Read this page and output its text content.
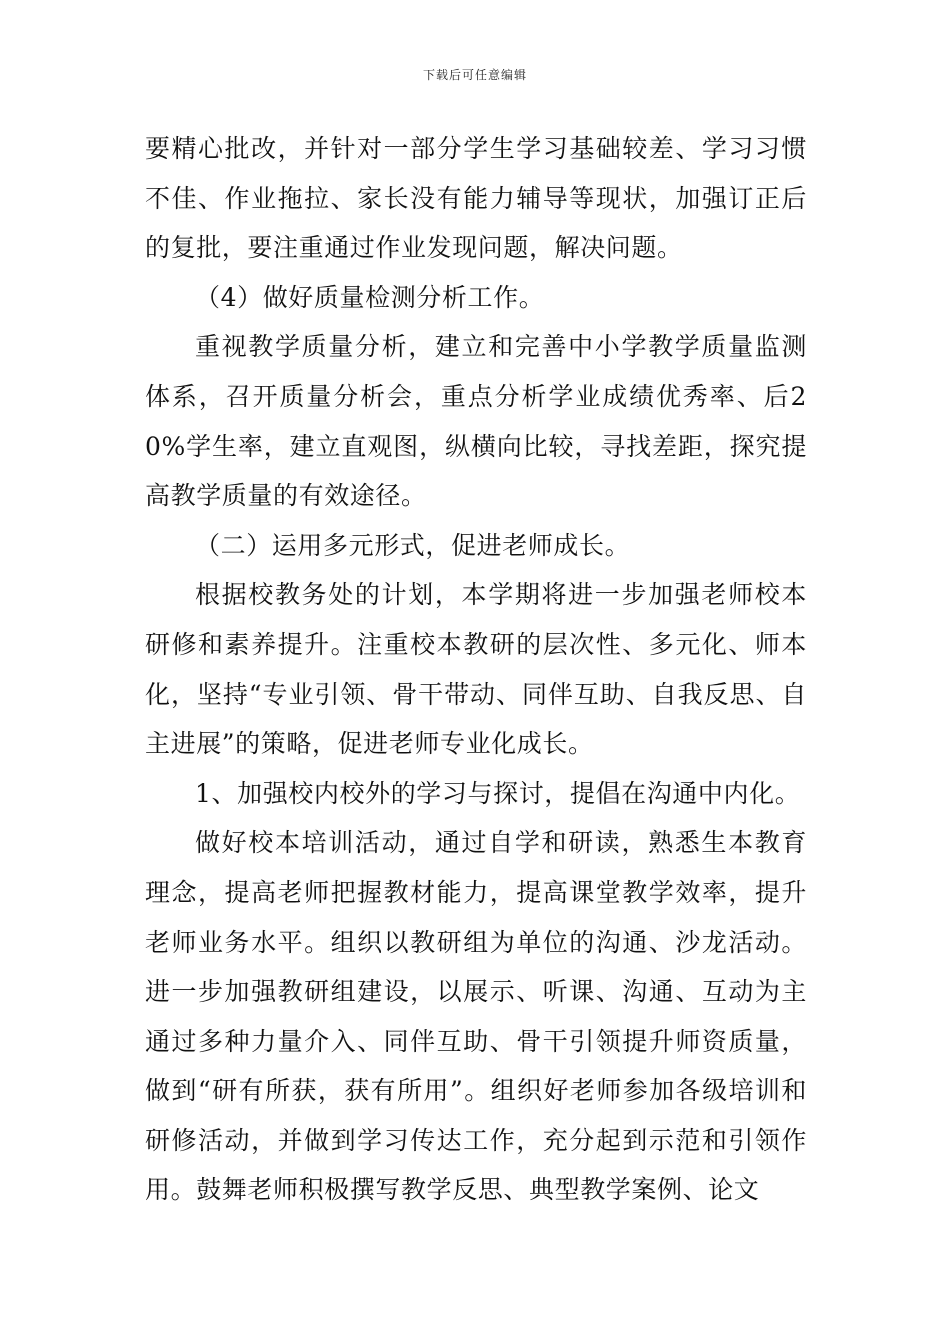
下载后可任意编辑

要精心批改，并针对一部分学生学习基础较差、学习习惯不佳、作业拖拉、家长没有能力辅导等现状，加强订正后的复批，要注重通过作业发现问题，解决问题。

（4）做好质量检测分析工作。

重视教学质量分析，建立和完善中小学教学质量监测体系，召开质量分析会，重点分析学业成绩优秀率、后20%学生率，建立直观图，纵横向比较，寻找差距，探究提高教学质量的有效途径。

（二）运用多元形式，促进老师成长。

根据校教务处的计划，本学期将进一步加强老师校本研修和素养提升。注重校本教研的层次性、多元化、师本化，坚持“专业引领、骨干带动、同伴互助、自我反思、自主进展”的策略，促进老师专业化成长。

1、加强校内校外的学习与探讨，提倡在沟通中内化。

做好校本培训活动，通过自学和研读，熟悉生本教育理念，提高老师把握教材能力，提高课堂教学效率，提升老师业务水平。组织以教研组为单位的沟通、沙龙活动。进一步加强教研组建设，以展示、听课、沟通、互动为主通过多种力量介入、同伴互助、骨干引领提升师资质量，做到“研有所获，获有所用”。组织好老师参加各级培训和研修活动，并做到学习传达工作，充分起到示范和引领作用。鼓舞老师积极撰写教学反思、典型教学案例、论文
